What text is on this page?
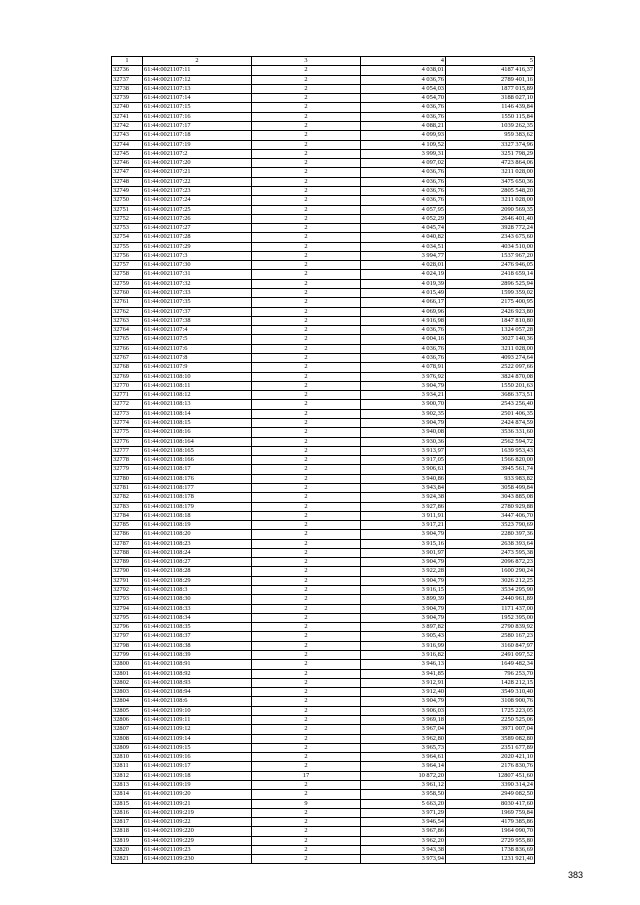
1	2	3	4	5
32736	61:44:0021107:11	2	4 038,01	4187 416,37
32737	61:44:0021107:12	2	4 036,76	2789 401,16
32738	61:44:0021107:13	2	4 054,03	1877 015,89
32739	61:44:0021107:14	2	4 054,70	3188 027,10
32740	61:44:0021107:15	2	4 036,76	1146 439,84
32741	61:44:0021107:16	2	4 036,76	1550 115,84
32742	61:44:0021107:17	2	4 088,21	1039 262,35
32743	61:44:0021107:18	2	4 099,93	959 383,62
32744	61:44:0021107:19	2	4 109,52	3327 374,96
32745	61:44:0021107:2	2	3 999,31	3251 798,29
32746	61:44:0021107:20	2	4 097,02	4723 864,06
32747	61:44:0021107:21	2	4 036,76	3211 028,00
32748	61:44:0021107:22	2	4 036,76	3475 650,36
32749	61:44:0021107:23	2	4 036,76	2805 548,20
32750	61:44:0021107:24	2	4 036,76	3211 028,00
32751	61:44:0021107:25	2	4 057,95	2090 569,35
32752	61:44:0021107:26	2	4 052,29	2646 401,40
32753	61:44:0021107:27	2	4 045,74	3928 772,24
32754	61:44:0021107:28	2	4 040,82	2343 675,60
32755	61:44:0021107:29	2	4 034,51	4034 510,00
32756	61:44:0021107:3	2	3 994,77	1537 967,20
32757	61:44:0021107:30	2	4 028,01	2476 946,05
32758	61:44:0021107:31	2	4 024,19	2418 659,14
32759	61:44:0021107:32	2	4 019,39	2896 525,94
32760	61:44:0021107:33	2	4 015,49	1599 359,02
32761	61:44:0021107:35	2	4 066,17	2175 400,95
32762	61:44:0021107:37	2	4 069,96	2426 923,80
32763	61:44:0021107:38	2	4 916,98	1847 810,80
32764	61:44:0021107:4	2	4 036,76	1324 057,28
32765	61:44:0021107:5	2	4 004,16	3027 140,36
32766	61:44:0021107:6	2	4 036,76	3211 028,00
32767	61:44:0021107:8	2	4 036,76	4093 274,64
32768	61:44:0021107:9	2	4 078,91	2522 097,66
32769	61:44:0021108:10	2	3 976,92	3824 870,08
32770	61:44:0021108:11	2	3 904,79	1550 201,63
32771	61:44:0021108:12	2	3 934,21	3686 373,51
32772	61:44:0021108:13	2	3 900,70	2543 256,40
32773	61:44:0021108:14	2	3 902,35	2501 406,35
32774	61:44:0021108:15	2	3 904,79	2424 874,59
32775	61:44:0021108:16	2	3 940,08	3536 331,60
32776	61:44:0021108:164	2	3 930,36	2562 594,72
32777	61:44:0021108:165	2	3 913,97	1639 953,43
32778	61:44:0021108:166	2	3 917,05	1566 820,00
32779	61:44:0021108:17	2	3 906,61	3945 561,74
32780	61:44:0021108:176	2	3 940,86	933 983,82
32781	61:44:0021108:177	2	3 943,84	3058 499,84
32782	61:44:0021108:178	2	3 924,38	3043 885,08
32783	61:44:0021108:179	2	3 927,86	2780 929,88
32784	61:44:0021108:18	2	3 911,91	3447 406,70
32785	61:44:0021108:19	2	3 917,21	3523 790,69
32786	61:44:0021108:20	2	3 904,79	2280 397,36
32787	61:44:0021108:23	2	3 915,16	2638 393,64
32788	61:44:0021108:24	2	3 901,97	2473 595,38
32789	61:44:0021108:27	2	3 904,79	2096 872,23
32790	61:44:0021108:28	2	3 922,28	1600 290,24
32791	61:44:0021108:29	2	3 904,79	3026 212,25
32792	61:44:0021108:3	2	3 916,15	3534 295,90
32793	61:44:0021108:30	2	3 899,39	2440 961,89
32794	61:44:0021108:33	2	3 904,79	1171 437,00
32795	61:44:0021108:34	2	3 904,79	1952 395,00
32796	61:44:0021108:35	2	3 897,82	2790 839,92
32797	61:44:0021108:37	2	3 905,43	2580 167,23
32798	61:44:0021108:38	2	3 916,99	3160 847,97
32799	61:44:0021108:39	2	3 916,82	2491 097,52
32800	61:44:0021108:91	2	3 946,13	1649 482,34
32801	61:44:0021108:92	2	3 941,85	796 253,70
32802	61:44:0021108:93	2	3 912,91	1428 212,15
32803	61:44:0021108:94	2	3 912,40	3549 310,40
32804	61:44:0021108:6	2	3 904,79	3108 900,76
32805	61:44:0021109:10	2	3 906,03	1725 223,05
32806	61:44:0021109:11	2	3 969,18	2250 525,06
32807	61:44:0021109:12	2	3 967,04	3971 007,04
32808	61:44:0021109:14	2	3 962,80	3589 082,80
32809	61:44:0021109:15	2	3 965,73	2351 677,89
32810	61:44:0021109:16	2	3 964,61	2020 421,10
32811	61:44:0021109:17	2	3 964,14	2176 830,76
32812	61:44:0021109:18	17	10 872,20	12807 451,60
32813	61:44:0021109:19	2	3 961,12	3390 314,24
32814	61:44:0021109:20	2	3 958,50	2949 082,50
32815	61:44:0021109:21	9	5 663,20	8030 417,60
32816	61:44:0021109:219	2	3 971,29	1969 759,84
32817	61:44:0021109:22	2	3 946,54	4179 385,86
32818	61:44:0021109:220	2	3 967,86	1964 090,70
32819	61:44:0021109:229	2	3 962,20	2729 955,80
32820	61:44:0021109:23	2	3 943,38	1738 836,69
32821	61:44:0021109:230	2	3 973,94	1231 921,40
383
